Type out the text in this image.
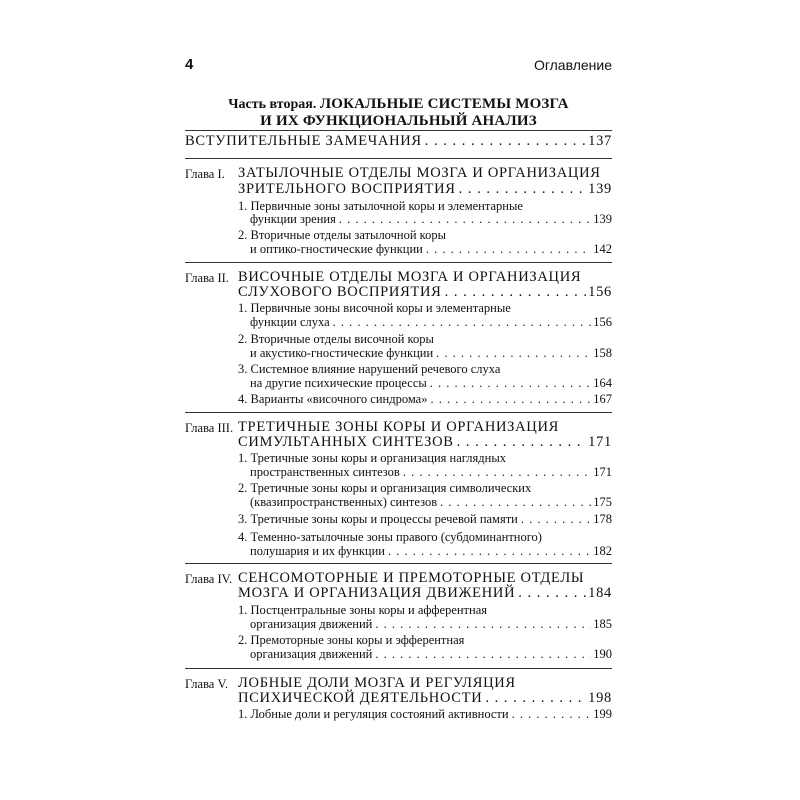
4	Оглавление
Часть вторая. ЛОКАЛЬНЫЕ СИСТЕМЫ МОЗГА
И ИХ ФУНКЦИОНАЛЬНЫЙ АНАЛИЗ
ВСТУПИТЕЛЬНЫЕ ЗАМЕЧАНИЯ . . .	137
Глава I. ЗАТЫЛОЧНЫЕ ОТДЕЛЫ МОЗГА И ОРГАНИЗАЦИЯ
ЗРИТЕЛЬНОГО ВОСПРИЯТИЯ . . .	139
1. Первичные зоны затылочной коры и элементарные
функции зрения . . .	139
2. Вторичные отделы затылочной коры
и оптико-гностические функции . . .	142
Глава II. ВИСОЧНЫЕ ОТДЕЛЫ МОЗГА И ОРГАНИЗАЦИЯ
СЛУХОВОГО ВОСПРИЯТИЯ . . .	156
1. Первичные зоны височной коры и элементарные
функции слуха . . .	156
2. Вторичные отделы височной коры
и акустико-гностические функции . . .	158
3. Системное влияние нарушений речевого слуха
на другие психические процессы . . .	164
4. Варианты «височного синдрома» . . .	167
Глава III. ТРЕТИЧНЫЕ ЗОНЫ КОРЫ И ОРГАНИЗАЦИЯ
СИМУЛЬТАННЫХ СИНТЕЗОВ . . .	171
1. Третичные зоны коры и организация наглядных
пространственных синтезов . . .	171
2. Третичные зоны коры и организация символических
(квазипространственных) синтезов . . .	175
3. Третичные зоны коры и процессы речевой памяти . . .	178
4. Теменно-затылочные зоны правого (субдоминантного)
полушария и их функции . . .	182
Глава IV. СЕНСОМОТОРНЫЕ И ПРЕМОТОРНЫЕ ОТДЕЛЫ
МОЗГА И ОРГАНИЗАЦИЯ ДВИЖЕНИЙ . . .	184
1. Постцентральные зоны коры и афферентная
организация движений . . .	185
2. Премоторные зоны коры и эфферентная
организация движений . . .	190
Глава V. ЛОБНЫЕ ДОЛИ МОЗГА И РЕГУЛЯЦИЯ
ПСИХИЧЕСКОЙ ДЕЯТЕЛЬНОСТИ . . .	198
1. Лобные доли и регуляция состояний активности . . .	199
